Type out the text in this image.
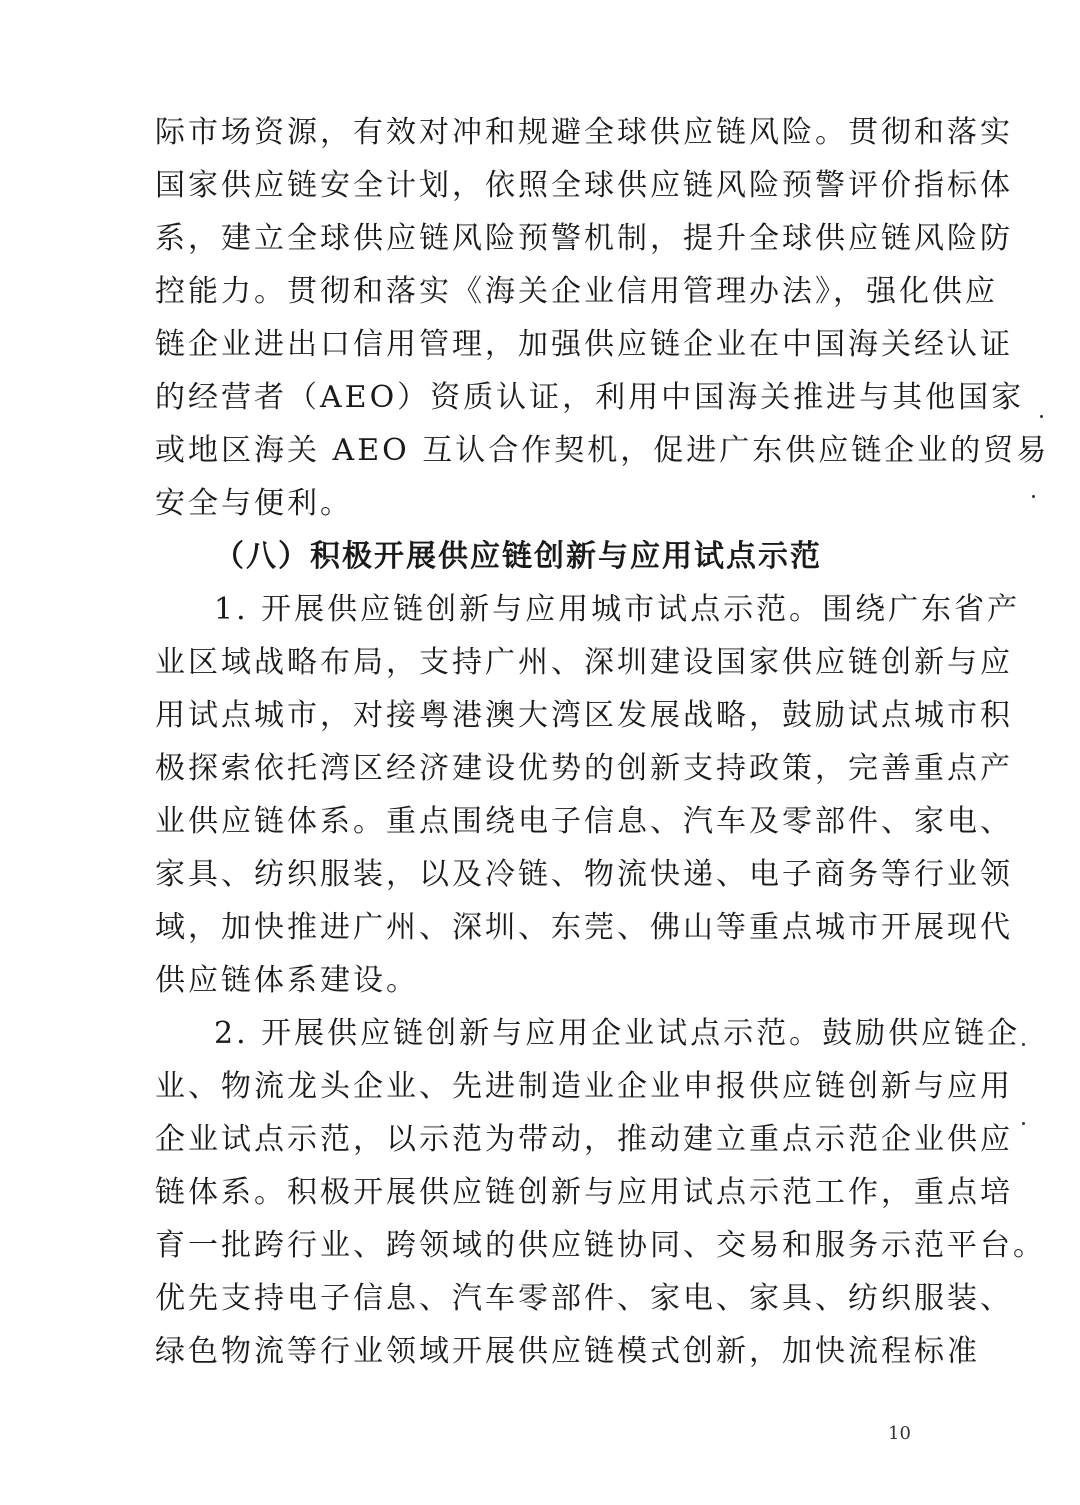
际市场资源，有效对冲和规避全球供应链风险。贯彻和落实
国家供应链安全计划，依照全球供应链风险预警评价指标体
系，建立全球供应链风险预警机制，提升全球供应链风险防
控能力。贯彻和落实《海关企业信用管理办法》，强化供应
链企业进出口信用管理，加强供应链企业在中国海关经认证
的经营者（AEO）资质认证，利用中国海关推进与其他国家
或地区海关 AEO 互认合作契机，促进广东供应链企业的贸易
安全与便利。
（八）积极开展供应链创新与应用试点示范
1. 开展供应链创新与应用城市试点示范。围绕广东省产
业区域战略布局，支持广州、深圳建设国家供应链创新与应
用试点城市，对接粤港澳大湾区发展战略，鼓励试点城市积
极探索依托湾区经济建设优势的创新支持政策，完善重点产
业供应链体系。重点围绕电子信息、汽车及零部件、家电、
家具、纺织服装，以及冷链、物流快递、电子商务等行业领
域，加快推进广州、深圳、东莞、佛山等重点城市开展现代
供应链体系建设。
2. 开展供应链创新与应用企业试点示范。鼓励供应链企
业、物流龙头企业、先进制造业企业申报供应链创新与应用
企业试点示范，以示范为带动，推动建立重点示范企业供应
链体系。积极开展供应链创新与应用试点示范工作，重点培
育一批跨行业、跨领域的供应链协同、交易和服务示范平台。
优先支持电子信息、汽车零部件、家电、家具、纺织服装、
绿色物流等行业领域开展供应链模式创新，加快流程标准
10
